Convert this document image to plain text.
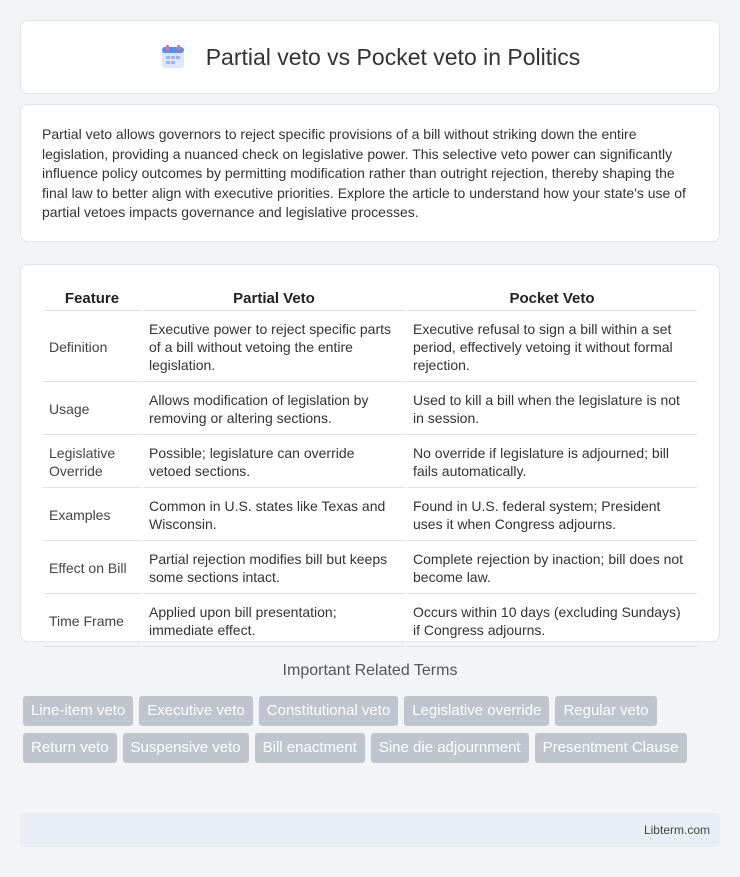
Partial veto vs Pocket veto in Politics

Partial veto allows governors to reject specific provisions of a bill without striking down the entire legislation, providing a nuanced check on legislative power. This selective veto power can significantly influence policy outcomes by permitting modification rather than outright rejection, thereby shaping the final law to better align with executive priorities. Explore the article to understand how your state's use of partial vetoes impacts governance and legislative processes.

Feature	Partial Veto	Pocket Veto
Definition	Executive power to reject specific parts of a bill without vetoing the entire legislation.	Executive refusal to sign a bill within a set period, effectively vetoing it without formal rejection.
Usage	Allows modification of legislation by removing or altering sections.	Used to kill a bill when the legislature is not in session.
Legislative Override	Possible; legislature can override vetoed sections.	No override if legislature is adjourned; bill fails automatically.
Examples	Common in U.S. states like Texas and Wisconsin.	Found in U.S. federal system; President uses it when Congress adjourns.
Effect on Bill	Partial rejection modifies bill but keeps some sections intact.	Complete rejection by inaction; bill does not become law.
Time Frame	Applied upon bill presentation; immediate effect.	Occurs within 10 days (excluding Sundays) if Congress adjourns.
Important Related Terms
Line-item veto	Executive veto	Constitutional veto	Legislative override	Regular veto
Return veto	Suspensive veto	Bill enactment	Sine die adjournment	Presentment Clause
Libterm.com
